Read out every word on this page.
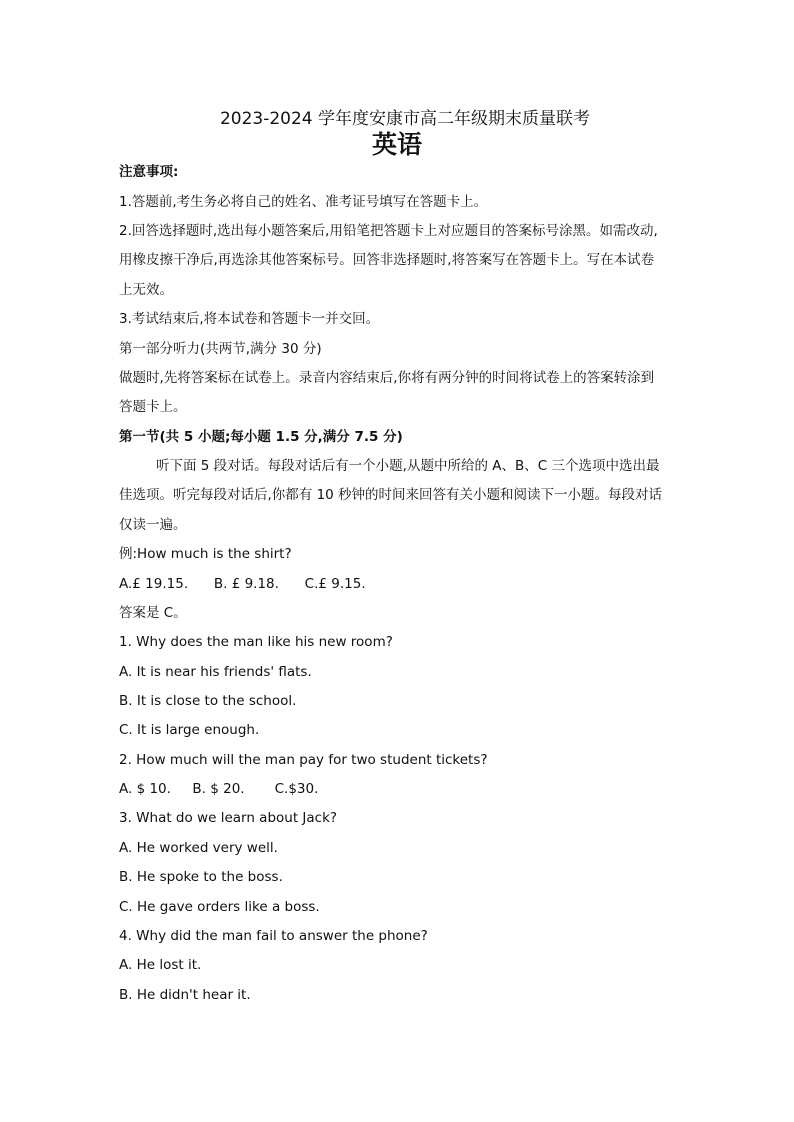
2023-2024 学年度安康市高二年级期末质量联考
英语
注意事项:
1.答题前,考生务必将自己的姓名、准考证号填写在答题卡上。
2.回答选择题时,选出每小题答案后,用铅笔把答题卡上对应题目的答案标号涂黑。如需改动,
用橡皮擦干净后,再选涂其他答案标号。回答非选择题时,将答案写在答题卡上。写在本试卷
上无效。
3.考试结束后,将本试卷和答题卡一并交回。
第一部分听力(共两节,满分 30 分)
做题时,先将答案标在试卷上。录音内容结束后,你将有两分钟的时间将试卷上的答案转涂到
答题卡上。
第一节(共 5 小题;每小题 1.5 分,满分 7.5 分)
听下面 5 段对话。每段对话后有一个小题,从题中所给的 A、B、C 三个选项中选出最
佳选项。听完每段对话后,你都有 10 秒钟的时间来回答有关小题和阅读下一小题。每段对话
仅读一遍。
例:How much is the shirt?
A.£ 19.15.      B. £ 9.18.      C.£ 9.15.
答案是 C。
1. Why does the man like his new room?
A. It is near his friends' flats.
B. It is close to the school.
C. It is large enough.
2. How much will the man pay for two student tickets?
A. $ 10.     B. $ 20.       C.$30.
3. What do we learn about Jack?
A. He worked very well.
B. He spoke to the boss.
C. He gave orders like a boss.
4. Why did the man fail to answer the phone?
A. He lost it.
B. He didn't hear it.
